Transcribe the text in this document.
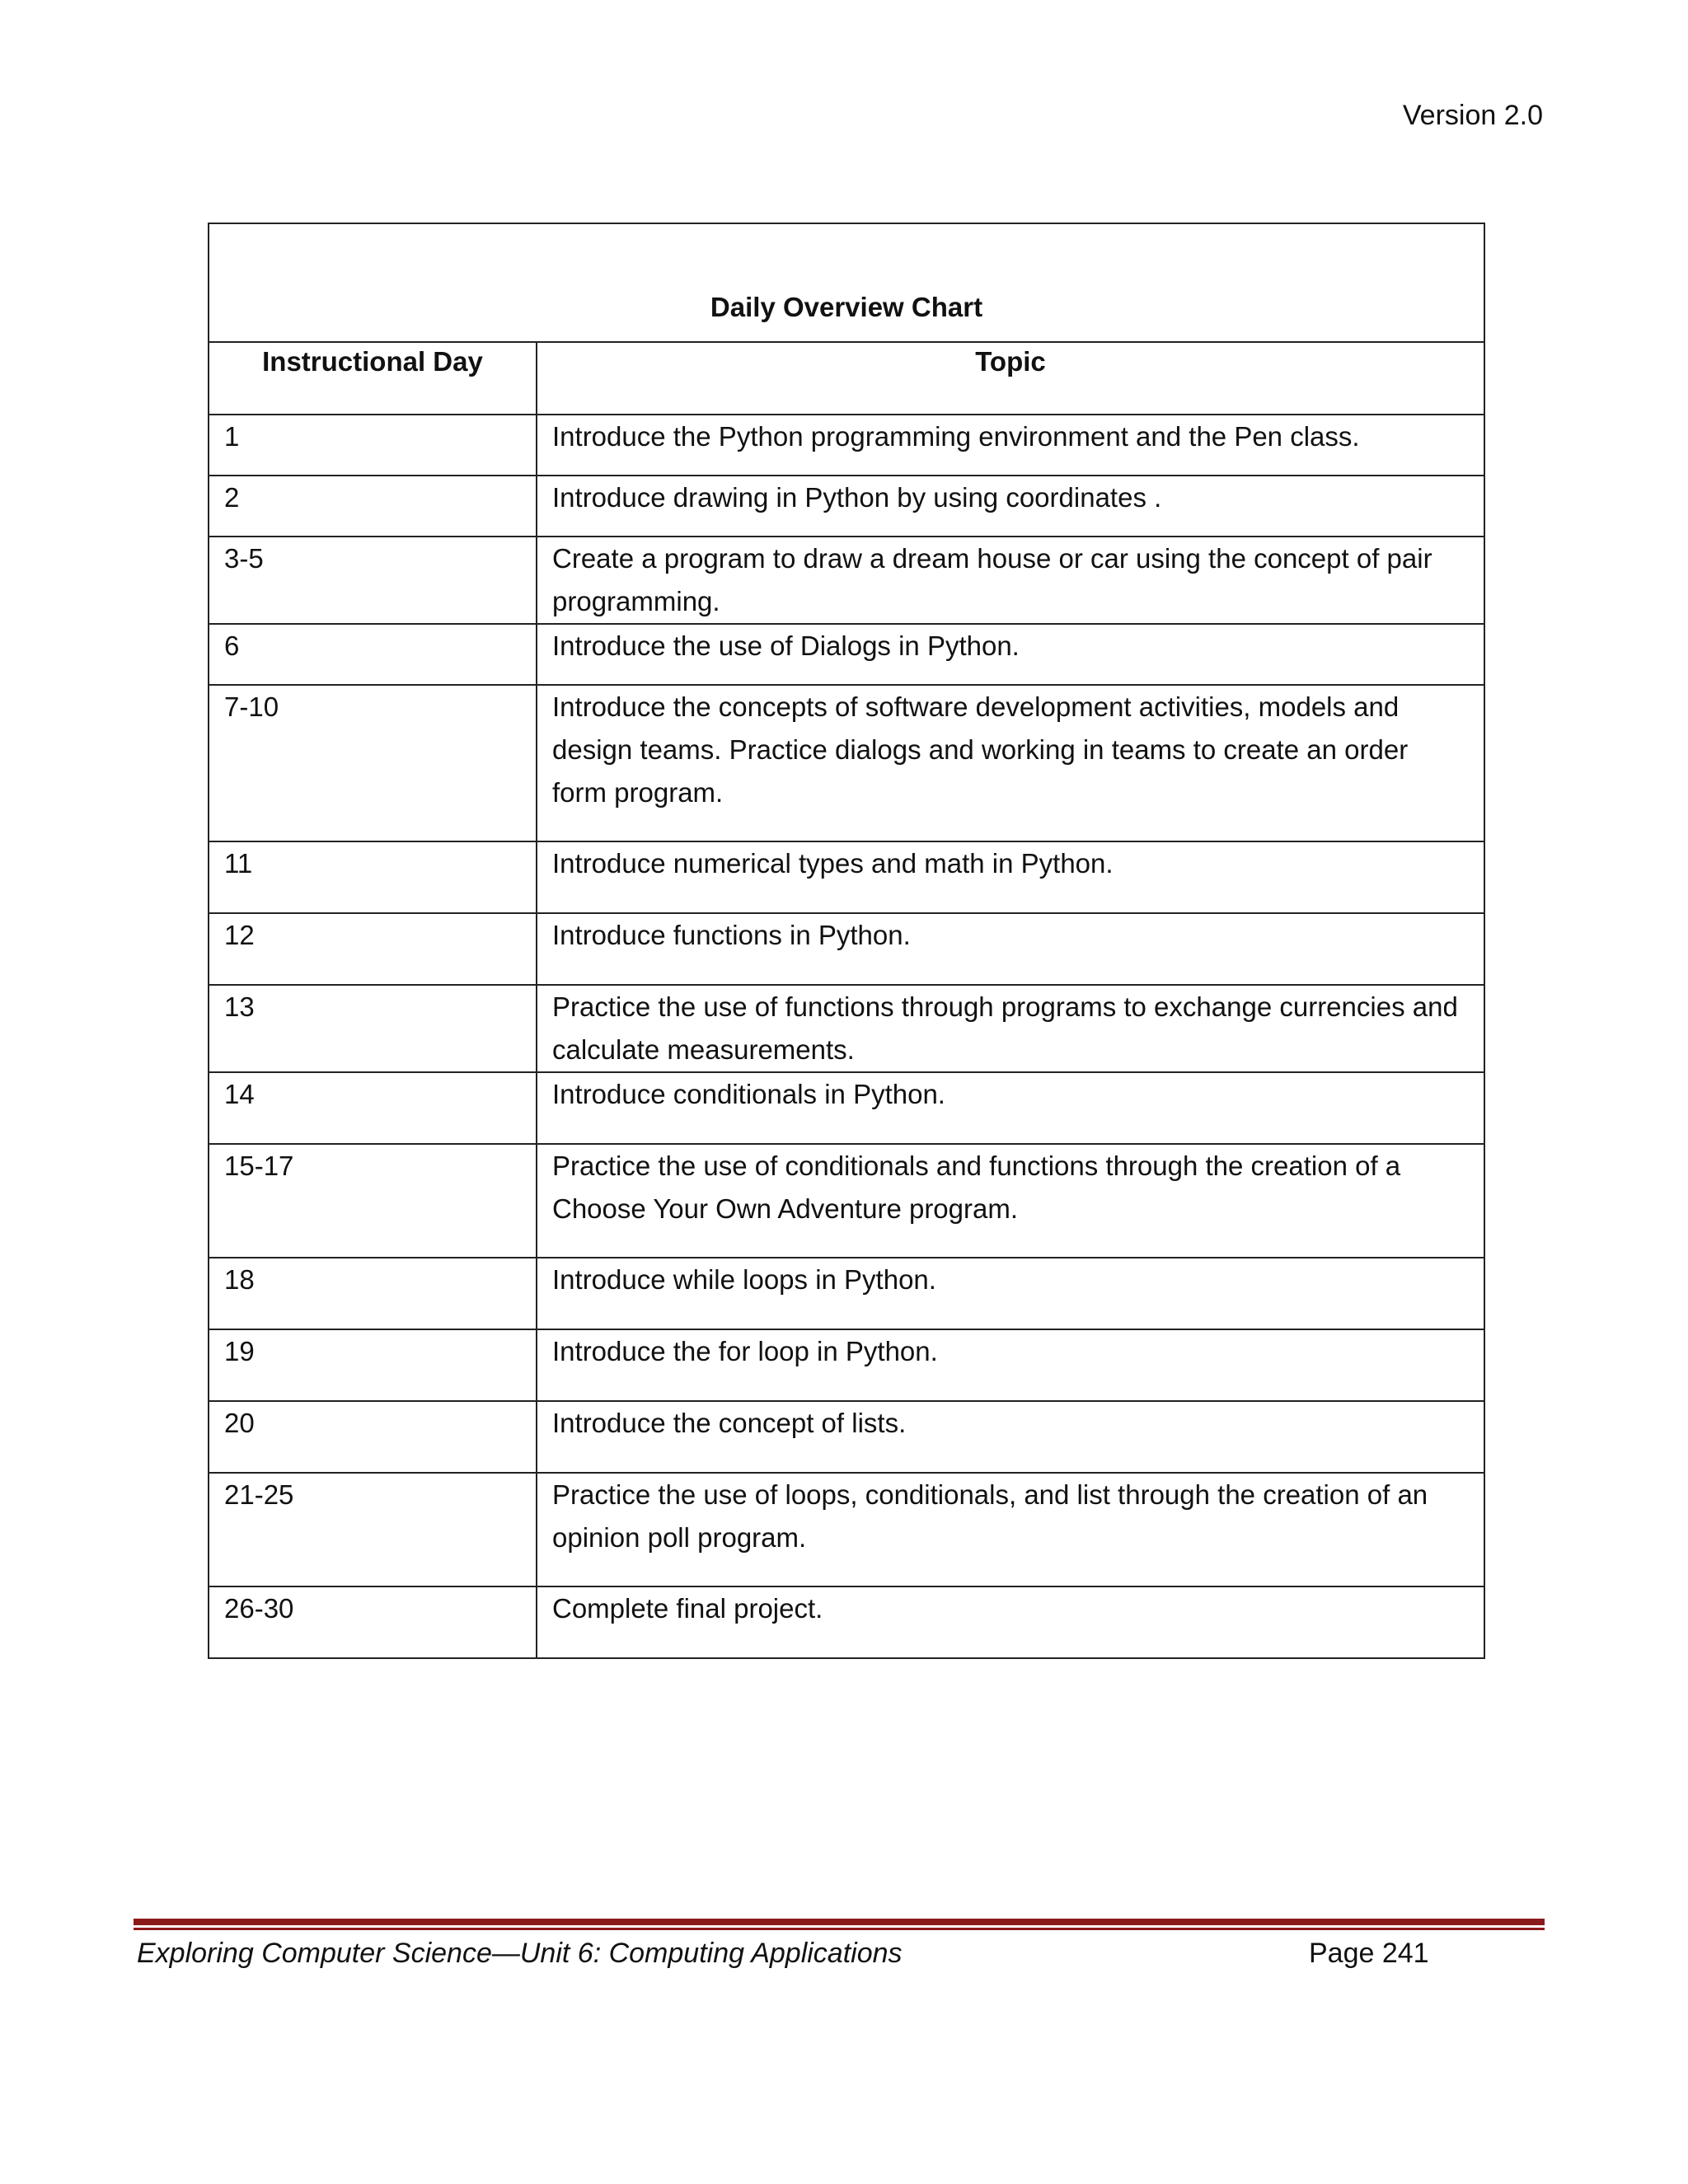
Version 2.0
Daily Overview Chart	
Instructional Day	Topic
1	Introduce the Python programming environment and the Pen class.
2	Introduce drawing in Python by using coordinates .
3-5	Create a program to draw a dream house or car using the concept of pair programming.
6	Introduce the use of Dialogs in Python.
7-10	Introduce the concepts of software development activities, models and design teams. Practice dialogs and working in teams to create an order form program.
11	Introduce numerical types and math in Python.
12	Introduce functions in Python.
13	Practice the use of functions through programs to exchange currencies and calculate measurements.
14	Introduce conditionals in Python.
15-17	Practice the use of conditionals and functions through the creation of a Choose Your Own Adventure program.
18	Introduce while loops in Python.
19	Introduce the for loop in Python.
20	Introduce the concept of lists.
21-25	Practice the use of loops, conditionals, and list through the creation of an opinion poll program.
26-30	Complete final project.
Exploring Computer Science—Unit 6: Computing Applications	Page 241
